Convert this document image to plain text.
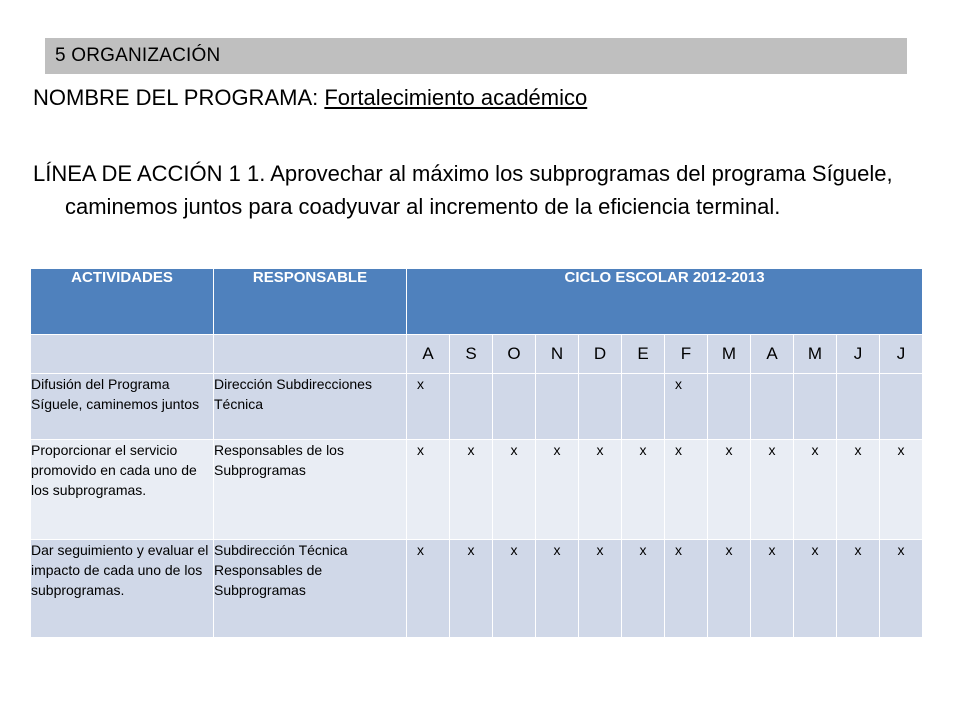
5 ORGANIZACIÓN
NOMBRE DEL PROGRAMA: Fortalecimiento académico
LÍNEA DE ACCIÓN 1 1. Aprovechar al máximo los subprogramas del programa Síguele, caminemos juntos para coadyuvar al incremento de la eficiencia terminal.
ACTIVIDADES	RESPONSABLE	CICLO ESCOLAR 2012-2013											
		A	S	O	N	D	E	F	M	A	M	J	J
Difusión del Programa Síguele, caminemos juntos	Dirección Subdirecciones Técnica	x						x					
Proporcionar el servicio promovido en cada uno de los subprogramas.	Responsables de los Subprogramas	x	x	x	x	x	x	x	x	x	x	x	x
Dar seguimiento y evaluar el impacto de cada uno de los subprogramas.	Subdirección Técnica Responsables de Subprogramas	x	x	x	x	x	x	x	x	x	x	x	x
